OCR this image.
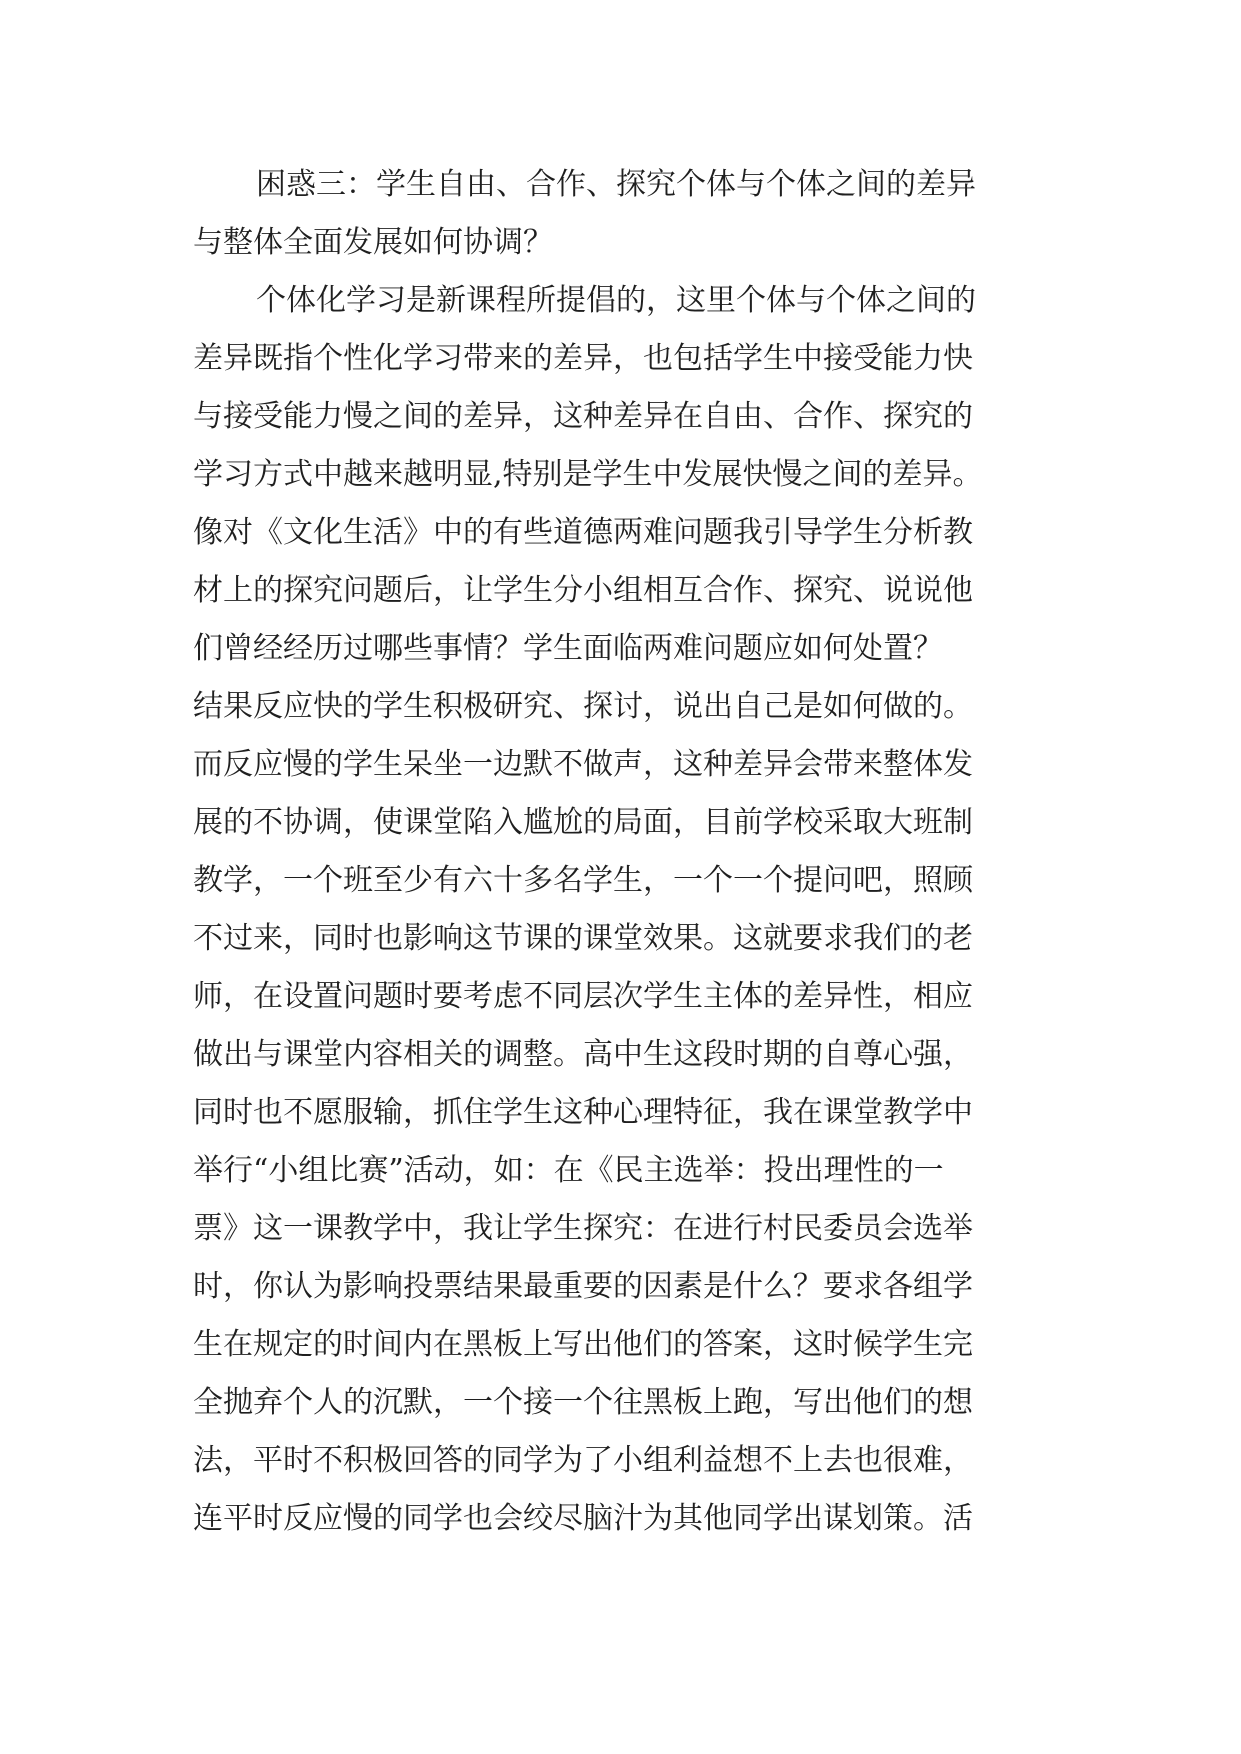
困惑三：学生自由、合作、探究个体与个体之间的差异
与整体全面发展如何协调？
个体化学习是新课程所提倡的，这里个体与个体之间的
差异既指个性化学习带来的差异，也包括学生中接受能力快
与接受能力慢之间的差异，这种差异在自由、合作、探究的
学习方式中越来越明显,特别是学生中发展快慢之间的差异。
像对《文化生活》中的有些道德两难问题我引导学生分析教
材上的探究问题后，让学生分小组相互合作、探究、说说他
们曾经经历过哪些事情？学生面临两难问题应如何处置？
结果反应快的学生积极研究、探讨，说出自己是如何做的。
而反应慢的学生呆坐一边默不做声，这种差异会带来整体发
展的不协调，使课堂陷入尴尬的局面，目前学校采取大班制
教学，一个班至少有六十多名学生，一个一个提问吧，照顾
不过来，同时也影响这节课的课堂效果。这就要求我们的老
师，在设置问题时要考虑不同层次学生主体的差异性，相应
做出与课堂内容相关的调整。高中生这段时期的自尊心强，
同时也不愿服输，抓住学生这种心理特征，我在课堂教学中
举行“小组比赛”活动，如：在《民主选举：投出理性的一
票》这一课教学中，我让学生探究：在进行村民委员会选举
时，你认为影响投票结果最重要的因素是什么？要求各组学
生在规定的时间内在黑板上写出他们的答案，这时候学生完
全抛弃个人的沉默，一个接一个往黑板上跑，写出他们的想
法，平时不积极回答的同学为了小组利益想不上去也很难，
连平时反应慢的同学也会绞尽脑汁为其他同学出谋划策。活
